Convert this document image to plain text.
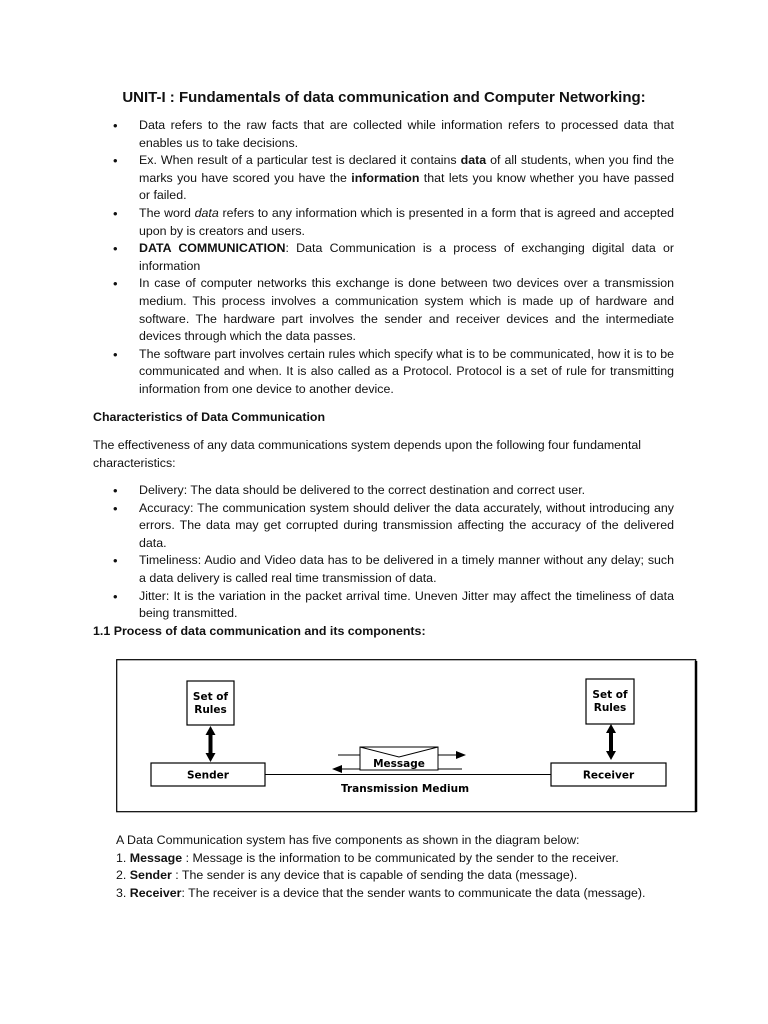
UNIT-I : Fundamentals of data communication and Computer Networking:
• Data refers to the raw facts that are collected while information refers to processed data that enables us to take decisions.
• Ex. When result of a particular test is declared it contains data of all students, when you find the marks you have scored you have the information that lets you know whether you have passed or failed.
• The word data refers to any information which is presented in a form that is agreed and accepted upon by is creators and users.
• DATA COMMUNICATION: Data Communication is a process of exchanging digital data or information
• In case of computer networks this exchange is done between two devices over a transmission medium. This process involves a communication system which is made up of hardware and software. The hardware part involves the sender and receiver devices and the intermediate devices through which the data passes.
• The software part involves certain rules which specify what is to be communicated, how it is to be communicated and when. It is also called as a Protocol. Protocol is a set of rule for transmitting information from one device to another device.

Characteristics of Data Communication

The effectiveness of any data communications system depends upon the following four fundamental characteristics:

• Delivery: The data should be delivered to the correct destination and correct user.
• Accuracy: The communication system should deliver the data accurately, without introducing any errors. The data may get corrupted during transmission affecting the accuracy of the delivered data.
• Timeliness: Audio and Video data has to be delivered in a timely manner without any delay; such a data delivery is called real time transmission of data.
• Jitter: It is the variation in the packet arrival time. Uneven Jitter may affect the timeliness of data being transmitted.

1.1 Process of data communication and its components:

Set of
Rules
Sender
Transmission Medium
Message
Set of
Rules
Receiver
A Data Communication system has five components as shown in the diagram below:
1. Message : Message is the information to be communicated by the sender to the receiver.
2. Sender : The sender is any device that is capable of sending the data (message).
3. Receiver: The receiver is a device that the sender wants to communicate the data (message).
